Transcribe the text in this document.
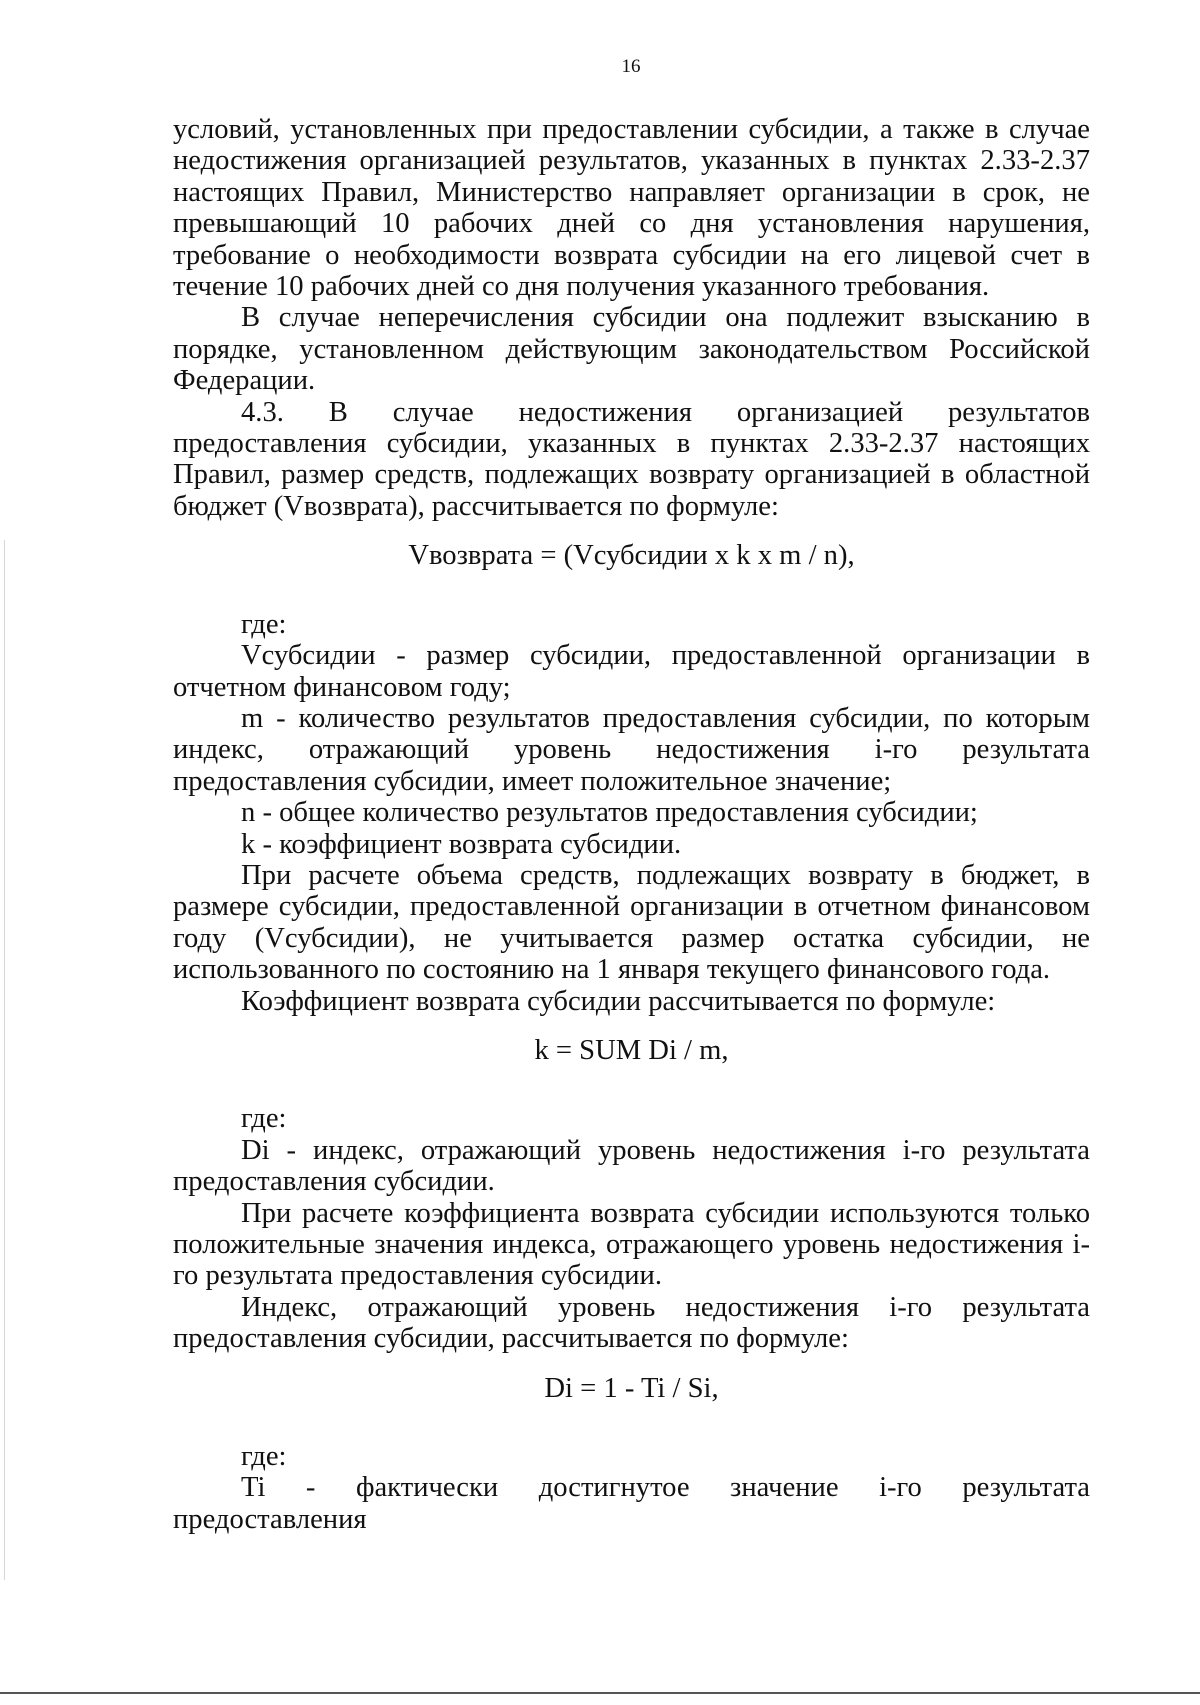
16

условий, установленных при предоставлении субсидии, а также в случае недостижения организацией результатов, указанных в пунктах 2.33-2.37 настоящих Правил, Министерство направляет организации в срок, не превышающий 10 рабочих дней со дня установления нарушения, требование о необходимости возврата субсидии на его лицевой счет в течение 10 рабочих дней со дня получения указанного требования.

В случае неперечисления субсидии она подлежит взысканию в порядке, установленном действующим законодательством Российской Федерации.

4.3. В случае недостижения организацией результатов предоставления субсидии, указанных в пунктах 2.33-2.37 настоящих Правил, размер средств, подлежащих возврату организацией в областной бюджет (Vвозврата), рассчитывается по формуле:

Vвозврата = (Vсубсидии x k x m / n),

где:

Vсубсидии - размер субсидии, предоставленной организации в отчетном финансовом году;

m - количество результатов предоставления субсидии, по которым индекс, отражающий уровень недостижения i-го результата предоставления субсидии, имеет положительное значение;

n - общее количество результатов предоставления субсидии;

k - коэффициент возврата субсидии.

При расчете объема средств, подлежащих возврату в бюджет, в размере субсидии, предоставленной организации в отчетном финансовом году (Vсубсидии), не учитывается размер остатка субсидии, не использованного по состоянию на 1 января текущего финансового года.

Коэффициент возврата субсидии рассчитывается по формуле:

k = SUM Di / m,

где:

Di - индекс, отражающий уровень недостижения i-го результата предоставления субсидии.

При расчете коэффициента возврата субсидии используются только положительные значения индекса, отражающего уровень недостижения i-го результата предоставления субсидии.

Индекс, отражающий уровень недостижения i-го результата предоставления субсидии, рассчитывается по формуле:

Di = 1 - Ti / Si,

где:

Ti - фактически достигнутое значение i-го результата предоставления
